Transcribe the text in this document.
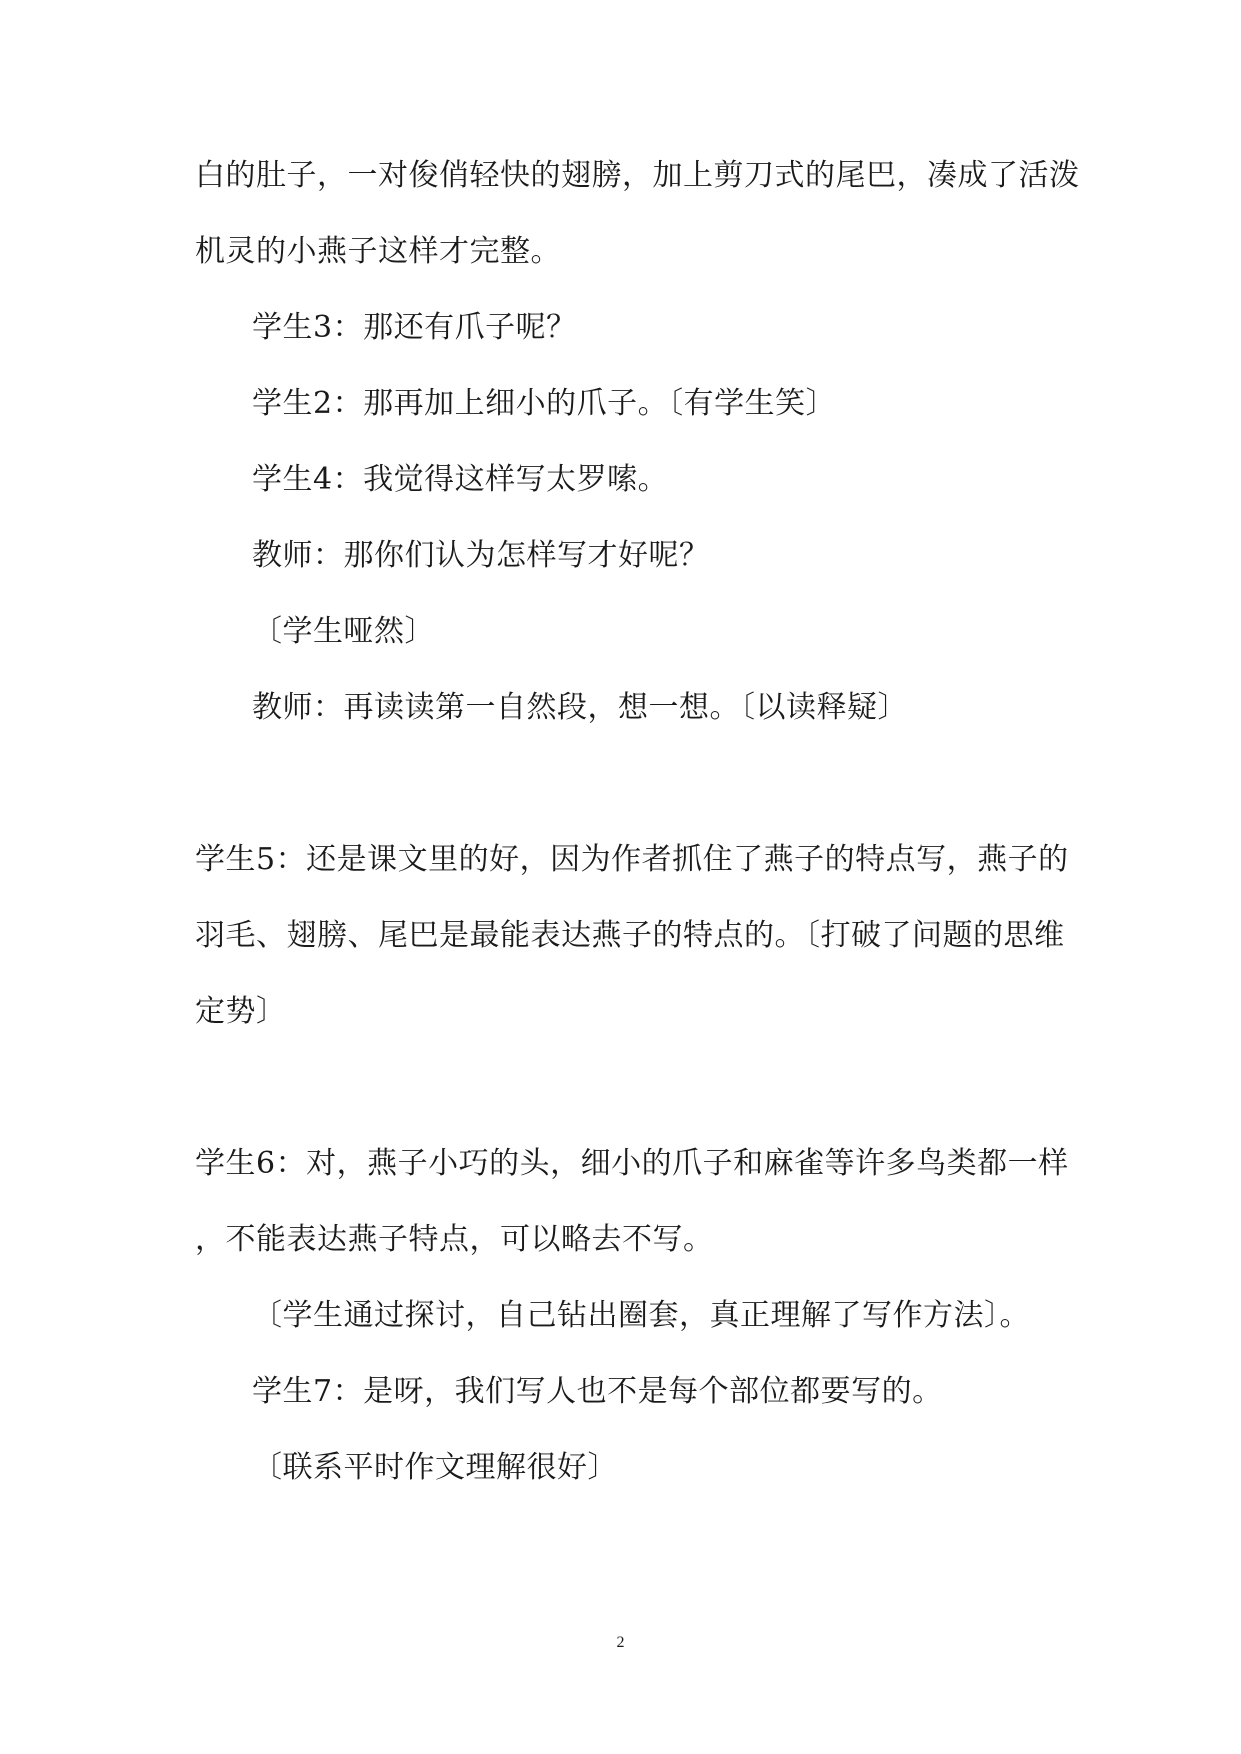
白的肚子，一对俊俏轻快的翅膀，加上剪刀式的尾巴，凑成了活泼
机灵的小燕子这样才完整。
学生3：那还有爪子呢？
学生2：那再加上细小的爪子。〔有学生笑〕
学生4：我觉得这样写太罗嗦。
教师：那你们认为怎样写才好呢？
〔学生哑然〕
教师：再读读第一自然段，想一想。〔以读释疑〕
学生5：还是课文里的好，因为作者抓住了燕子的特点写，燕子的
羽毛、翅膀、尾巴是最能表达燕子的特点的。〔打破了问题的思维
定势〕
学生6：对，燕子小巧的头，细小的爪子和麻雀等许多鸟类都一样
，不能表达燕子特点，可以略去不写。
〔学生通过探讨，自己钻出圈套，真正理解了写作方法〕。
学生7：是呀，我们写人也不是每个部位都要写的。
〔联系平时作文理解很好〕
2
